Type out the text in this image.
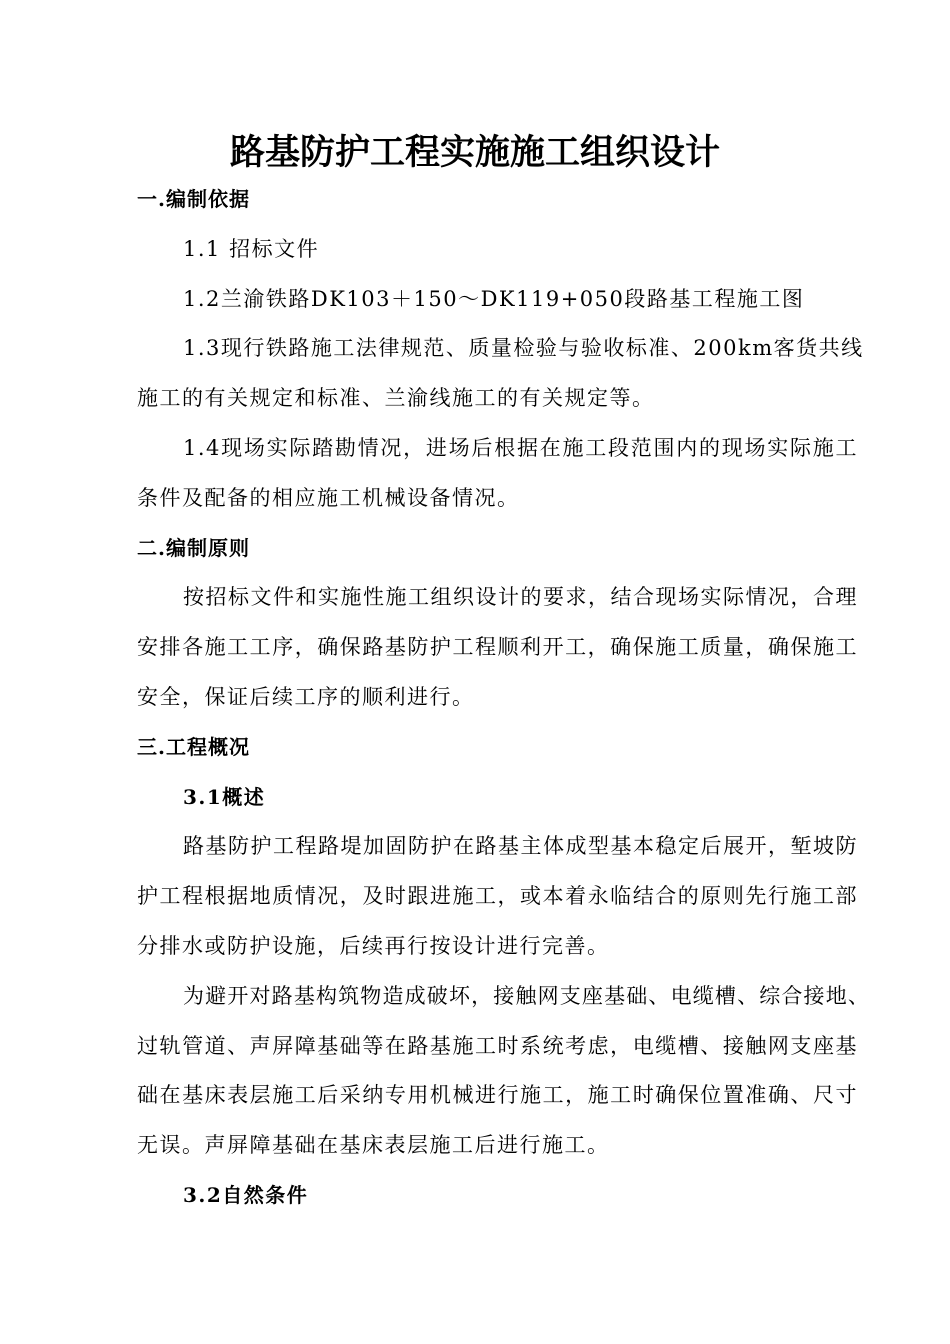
路基防护工程实施施工组织设计
一.编制依据
1.1 招标文件
1.2兰渝铁路DK103＋150～DK119+050段路基工程施工图
1.3现行铁路施工法律规范、质量检验与验收标准、200km客货共线
施工的有关规定和标准、兰渝线施工的有关规定等。
1.4现场实际踏勘情况，进场后根据在施工段范围内的现场实际施工
条件及配备的相应施工机械设备情况。
二.编制原则
按招标文件和实施性施工组织设计的要求，结合现场实际情况，合理
安排各施工工序，确保路基防护工程顺利开工，确保施工质量，确保施工
安全，保证后续工序的顺利进行。
三.工程概况
3.1概述
路基防护工程路堤加固防护在路基主体成型基本稳定后展开，堑坡防
护工程根据地质情况，及时跟进施工，或本着永临结合的原则先行施工部
分排水或防护设施，后续再行按设计进行完善。
为避开对路基构筑物造成破坏，接触网支座基础、电缆槽、综合接地、
过轨管道、声屏障基础等在路基施工时系统考虑，电缆槽、接触网支座基
础在基床表层施工后采纳专用机械进行施工，施工时确保位置准确、尺寸
无误。声屏障基础在基床表层施工后进行施工。
3.2自然条件
